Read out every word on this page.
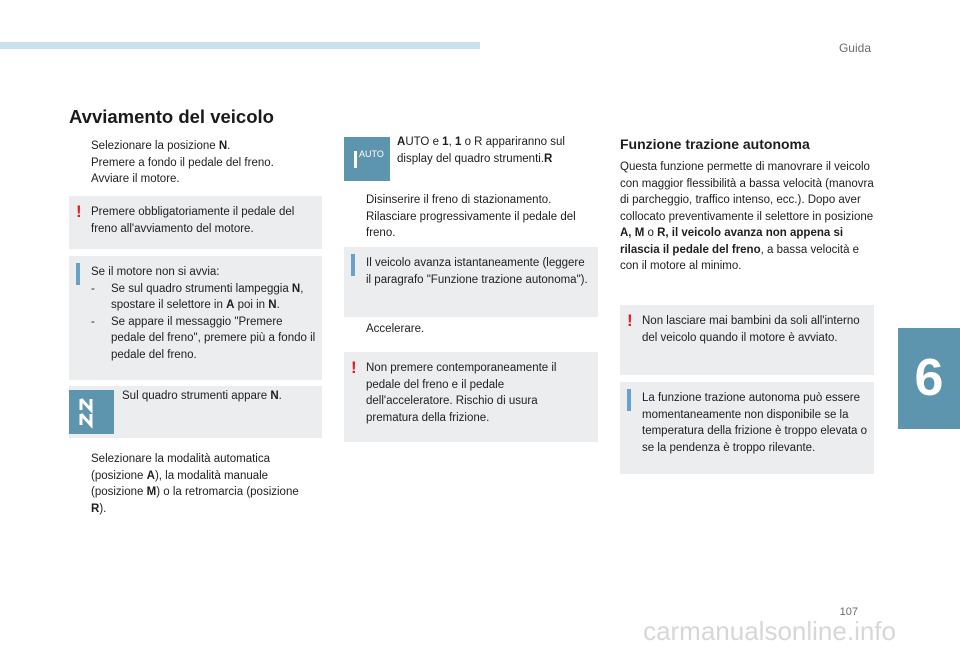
Guida
107
6
Avviamento del veicolo
Selezionare la posizione N.
Premere a fondo il pedale del freno.
Avviare il motore.
! Premere obbligatoriamente il pedale del freno all'avviamento del motore.
Se il motore non si avvia:
- Se sul quadro strumenti lampeggia N, spostare il selettore in A poi in N.
- Se appare il messaggio "Premere pedale del freno", premere più a fondo il pedale del freno.
Sul quadro strumenti appare N.
Selezionare la modalità automatica (posizione A), la modalità manuale (posizione M) o la retromarcia (posizione R).
AUTO
AUTO e 1, 1 o R appariranno sul display del quadro strumenti.R
Disinserire il freno di stazionamento.
Rilasciare progressivamente il pedale del freno.
Il veicolo avanza istantaneamente (leggere il paragrafo "Funzione trazione autonoma").
Accelerare.
! Non premere contemporaneamente il pedale del freno e il pedale dell'acceleratore. Rischio di usura prematura della frizione.
Funzione trazione autonoma
Questa funzione permette di manovrare il veicolo con maggior flessibilità a bassa velocità (manovra di parcheggio, traffico intenso, ecc.). Dopo aver collocato preventivamente il selettore in posizione A, M o R, il veicolo avanza non appena si rilascia il pedale del freno, a bassa velocità e con il motore al minimo.
! Non lasciare mai bambini da soli all'interno del veicolo quando il motore è avviato.
La funzione trazione autonoma può essere momentaneamente non disponibile se la temperatura della frizione è troppo elevata o se la pendenza è troppo rilevante.
carmanualsonline.info
